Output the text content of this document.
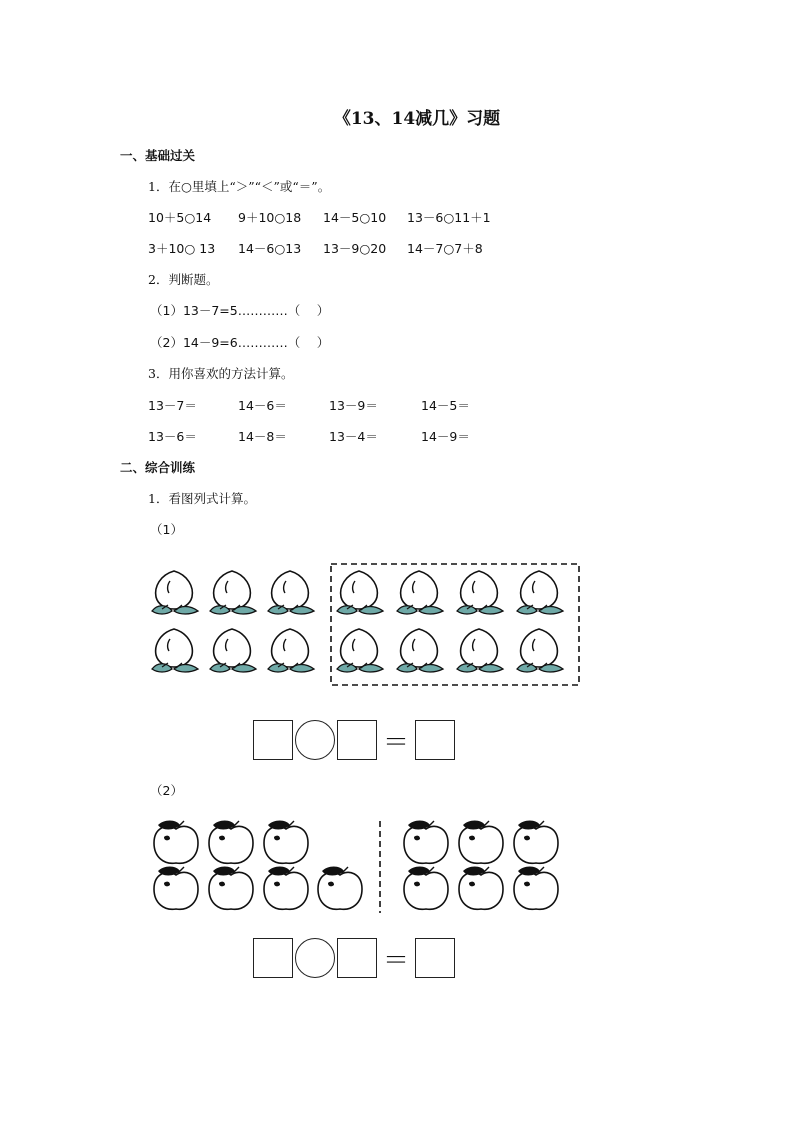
《13、14减几》习题
一、基础过关
1．在○里填上“＞”“＜”或“＝”。
10＋5○14 9＋10○18 14－5○10 13－6○11＋1
3＋10○ 13 14－6○13 13－9○20 14－7○7＋8
2．判断题。
（1）13－7=5…………（　 ）
（2）14－9=6…………（　 ）
3．用你喜欢的方法计算。
13－7＝	14－6＝	13－9＝	14－5＝
13－6＝	14－8＝	13－4＝	14－9＝
二、综合训练
1．看图列式计算。
（1）
＝
（2）
＝
